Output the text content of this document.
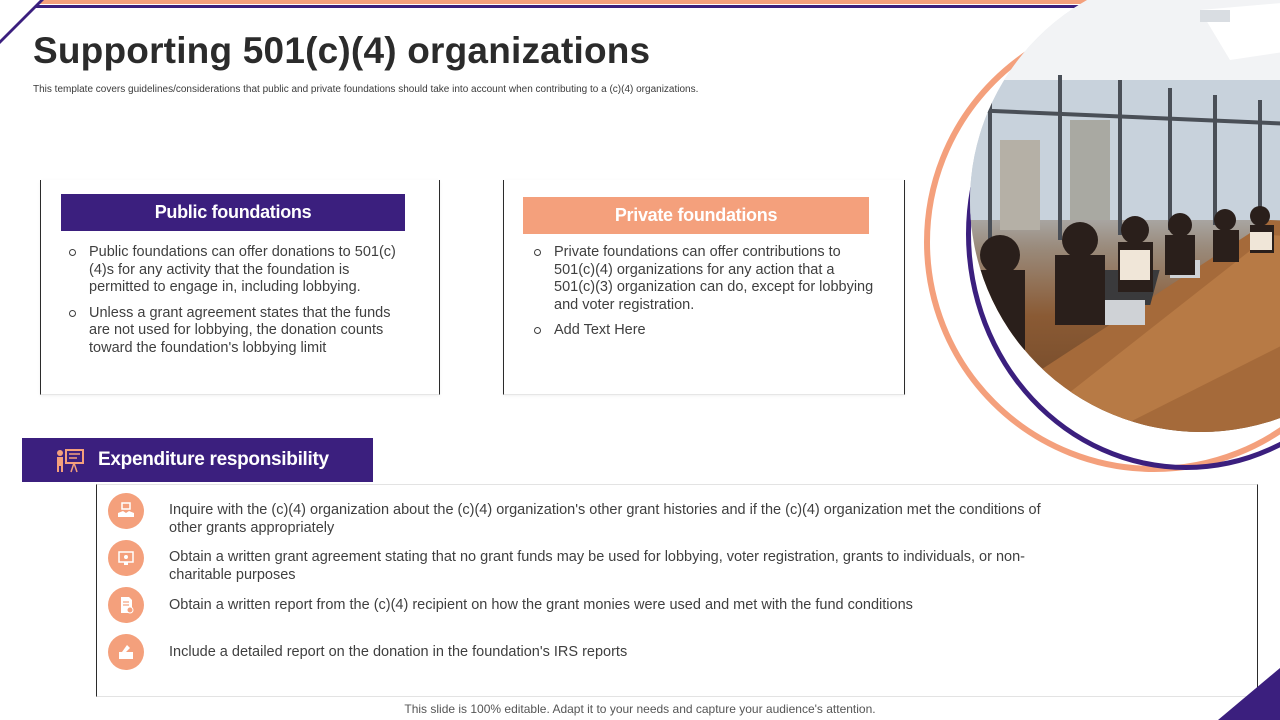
Supporting 501(c)(4) organizations

This template covers guidelines/considerations that public and private foundations should take into account when contributing to a (c)(4) organizations.

Public foundations
Public foundations can offer donations to 501(c)(4)s for any activity that the foundation is permitted to engage in, including lobbying.
Unless a grant agreement states that the funds are not used for lobbying, the donation counts toward the foundation's lobbying limit
Private foundations
Private foundations can offer contributions to 501(c)(4) organizations for any action that a 501(c)(3) organization can do, except for lobbying and voter registration.
Add Text Here
Expenditure responsibility
Inquire with the (c)(4) organization about the (c)(4) organization's other grant histories and if the (c)(4) organization met the conditions of other grants appropriately
Obtain a written grant agreement stating that no grant funds may be used for lobbying, voter registration, grants to individuals, or non-charitable purposes
Obtain a written report from the (c)(4) recipient on how the grant monies were used and met with the fund conditions
Include a detailed report on the donation in the foundation's IRS reports
This slide is 100% editable. Adapt it to your needs and capture your audience's attention.
